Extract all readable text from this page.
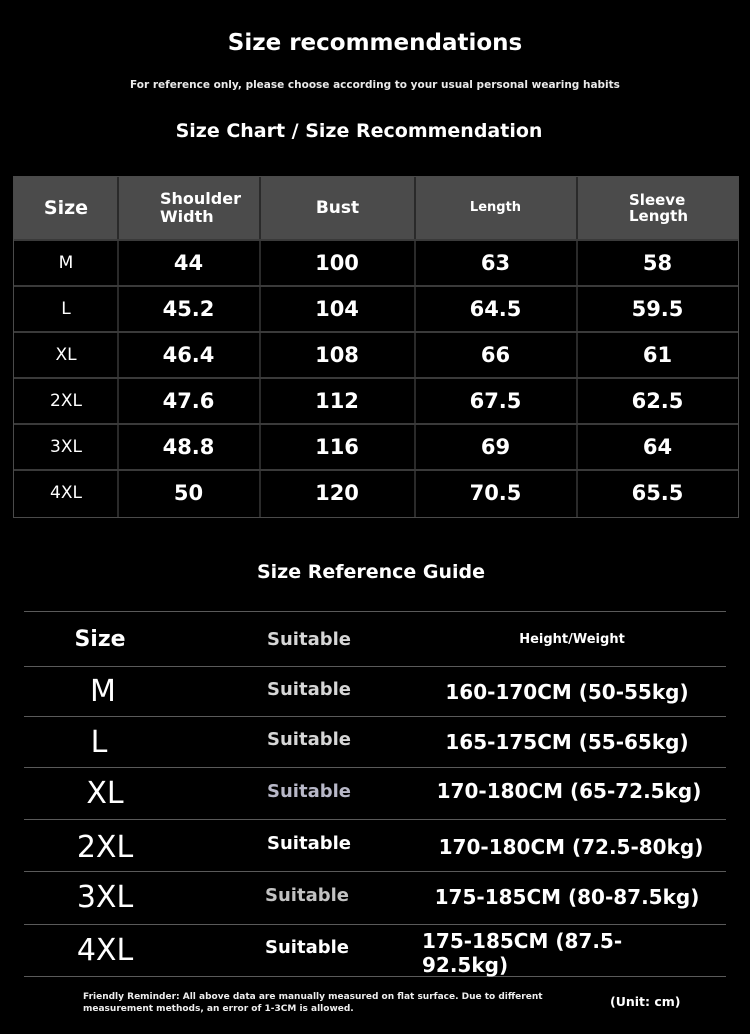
Size recommendations
For reference only, please choose according to your usual personal wearing habits
Size Chart / Size Recommendation
Size	Shoulder Width	Bust	Length	Sleeve Length
M	44	100	63	58
L	45.2	104	64.5	59.5
XL	46.4	108	66	61
2XL	47.6	112	67.5	62.5
3XL	48.8	116	69	64
4XL	50	120	70.5	65.5
Size Reference Guide
Size	Suitable	Height/Weight
M	Suitable	160-170CM (50-55kg)
L	Suitable	165-175CM (55-65kg)
XL	Suitable	170-180CM (65-72.5kg)
2XL	Suitable	170-180CM (72.5-80kg)
3XL	Suitable	175-185CM (80-87.5kg)
4XL	Suitable	175-185CM (87.5-92.5kg)
Friendly Reminder: All above data are manually measured on flat surface. Due to different measurement methods, an error of 1-3CM is allowed.
(Unit: cm)
